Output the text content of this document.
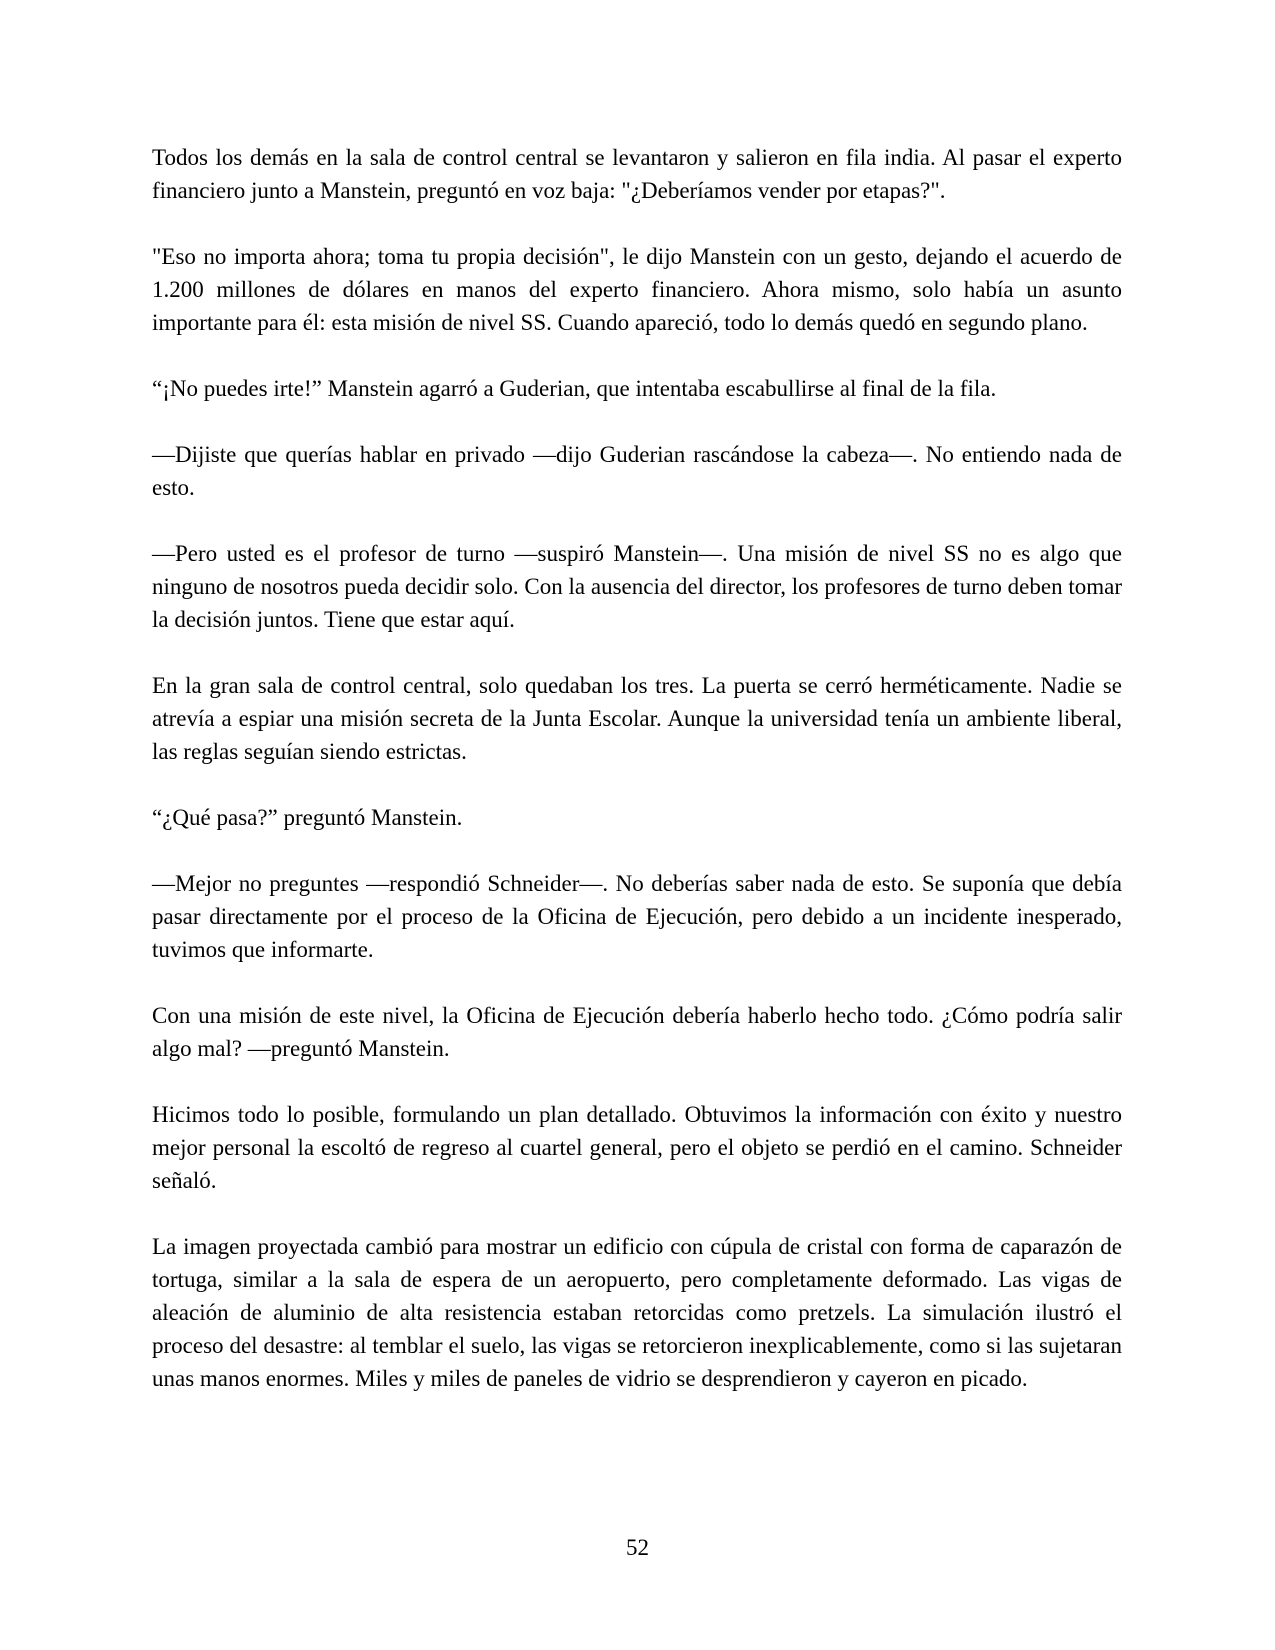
Todos los demás en la sala de control central se levantaron y salieron en fila india. Al pasar el experto financiero junto a Manstein, preguntó en voz baja: "¿Deberíamos vender por etapas?".

"Eso no importa ahora; toma tu propia decisión", le dijo Manstein con un gesto, dejando el acuerdo de 1.200 millones de dólares en manos del experto financiero. Ahora mismo, solo había un asunto importante para él: esta misión de nivel SS. Cuando apareció, todo lo demás quedó en segundo plano.

“¡No puedes irte!” Manstein agarró a Guderian, que intentaba escabullirse al final de la fila.

—Dijiste que querías hablar en privado —dijo Guderian rascándose la cabeza—. No entiendo nada de esto.

—Pero usted es el profesor de turno —suspiró Manstein—. Una misión de nivel SS no es algo que ninguno de nosotros pueda decidir solo. Con la ausencia del director, los profesores de turno deben tomar la decisión juntos. Tiene que estar aquí.

En la gran sala de control central, solo quedaban los tres. La puerta se cerró herméticamente. Nadie se atrevía a espiar una misión secreta de la Junta Escolar. Aunque la universidad tenía un ambiente liberal, las reglas seguían siendo estrictas.

“¿Qué pasa?” preguntó Manstein.

—Mejor no preguntes —respondió Schneider—. No deberías saber nada de esto. Se suponía que debía pasar directamente por el proceso de la Oficina de Ejecución, pero debido a un incidente inesperado, tuvimos que informarte.

Con una misión de este nivel, la Oficina de Ejecución debería haberlo hecho todo. ¿Cómo podría salir algo mal? —preguntó Manstein.

Hicimos todo lo posible, formulando un plan detallado. Obtuvimos la información con éxito y nuestro mejor personal la escoltó de regreso al cuartel general, pero el objeto se perdió en el camino. Schneider señaló.

La imagen proyectada cambió para mostrar un edificio con cúpula de cristal con forma de caparazón de tortuga, similar a la sala de espera de un aeropuerto, pero completamente deformado. Las vigas de aleación de aluminio de alta resistencia estaban retorcidas como pretzels. La simulación ilustró el proceso del desastre: al temblar el suelo, las vigas se retorcieron inexplicablemente, como si las sujetaran unas manos enormes. Miles y miles de paneles de vidrio se desprendieron y cayeron en picado.

52
